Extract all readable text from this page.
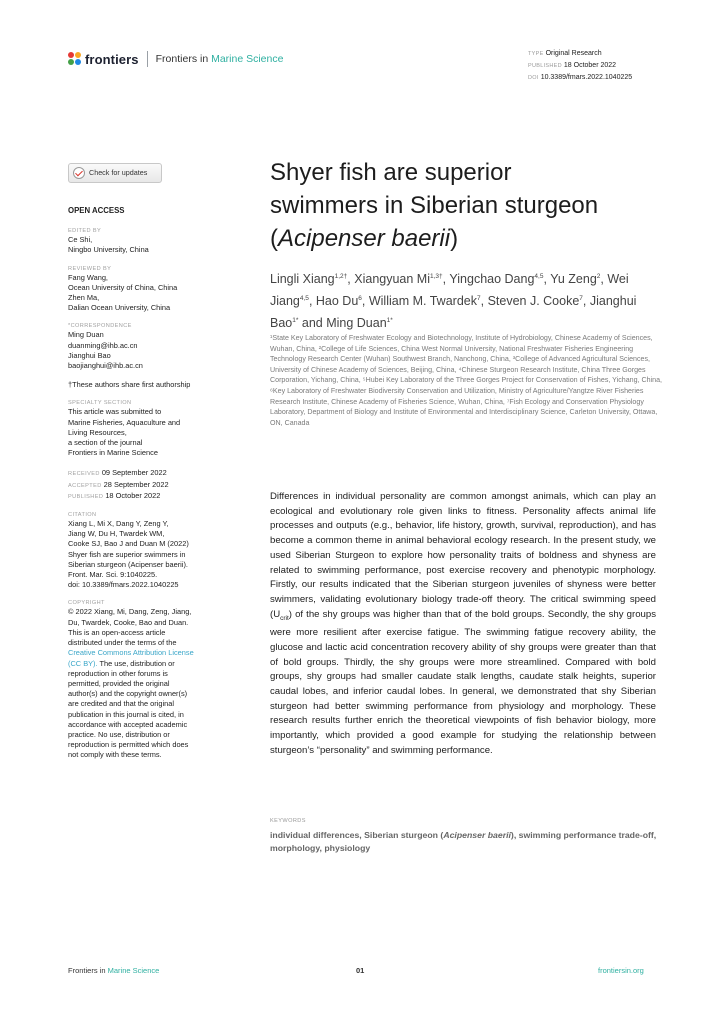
frontiers Frontiers in Marine Science	TYPE Original Research
PUBLISHED 18 October 2022
DOI 10.3389/fmars.2022.1040225
Check for updates
OPEN ACCESS
EDITED BY
Ce Shi,
Ningbo University, China
REVIEWED BY
Fang Wang,
Ocean University of China, China
Zhen Ma,
Dalian Ocean University, China
*CORRESPONDENCE
Ming Duan
duanming@ihb.ac.cn
Jianghui Bao
baojianghui@ihb.ac.cn
†These authors share first authorship
SPECIALTY SECTION
This article was submitted to
Marine Fisheries, Aquaculture and
Living Resources,
a section of the journal
Frontiers in Marine Science
RECEIVED 09 September 2022
ACCEPTED 28 September 2022
PUBLISHED 18 October 2022
CITATION
Xiang L, Mi X, Dang Y, Zeng Y,
Jiang W, Du H, Twardek WM,
Cooke SJ, Bao J and Duan M (2022)
Shyer fish are superior swimmers in
Siberian sturgeon (Acipenser baerii).
Front. Mar. Sci. 9:1040225.
doi: 10.3389/fmars.2022.1040225
COPYRIGHT
© 2022 Xiang, Mi, Dang, Zeng, Jiang,
Du, Twardek, Cooke, Bao and Duan.
This is an open-access article
distributed under the terms of the
Creative Commons Attribution License
(CC BY). The use, distribution or
reproduction in other forums is
permitted, provided the original
author(s) and the copyright owner(s)
are credited and that the original
publication in this journal is cited, in
accordance with accepted academic
practice. No use, distribution or
reproduction is permitted which does
not comply with these terms.
Shyer fish are superior
swimmers in Siberian sturgeon
(Acipenser baerii)
Lingli Xiang$^{1,2\dagger}$, Xiangyuan $Mi^{1,3\dagger}$, Yingchao Dang$^{4,5}$, Yu Zeng$^2$, Wei Jiang$^{4,5}$, Hao Du$^6$, William M. Twardek$^7$, Steven J. Cooke$^7$, Jianghui Bao$^{1*}$ and Ming Duan$^{1*}$
¹State Key Laboratory of Freshwater Ecology and Biotechnology, Institute of Hydrobiology, Chinese Academy of Sciences, Wuhan, China, ²College of Life Sciences, China West Normal University, National Freshwater Fisheries Engineering Technology Research Center (Wuhan) Southwest Branch, Nanchong, China, ³College of Advanced Agricultural Sciences, University of Chinese Academy of Sciences, Beijing, China, ⁴Chinese Sturgeon Research Institute, China Three Gorges Corporation, Yichang, China, ⁵Hubei Key Laboratory of the Three Gorges Project for Conservation of Fishes, Yichang, China, ⁶Key Laboratory of Freshwater Biodiversity Conservation and Utilization, Ministry of Agriculture/Yangtze River Fisheries Research Institute, Chinese Academy of Fisheries Science, Wuhan, China, ⁷Fish Ecology and Conservation Physiology Laboratory, Department of Biology and Institute of Environmental and Interdisciplinary Science, Carleton University, Ottawa, ON, Canada
Differences in individual personality are common amongst animals, which can play an ecological and evolutionary role given links to fitness. Personality affects animal life processes and outputs (e.g., behavior, life history, growth, survival, reproduction), and has become a common theme in animal behavioral ecology research. In the present study, we used Siberian Sturgeon to explore how personality traits of boldness and shyness are related to swimming performance, post exercise recovery and phenotypic morphology. Firstly, our results indicated that the Siberian sturgeon juveniles of shyness were better swimmers, validating evolutionary biology trade-off theory. The critical swimming speed $(U_{crit})$ of the shy groups was higher than that of the bold groups. Secondly, the shy groups were more resilient after exercise fatigue. The swimming fatigue recovery ability, the glucose and lactic acid concentration recovery ability of shy groups were greater than that of bold groups. Thirdly, the shy groups were more streamlined. Compared with bold groups, shy groups had smaller caudate stalk lengths, caudate stalk heights, superior caudal lobes, and inferior caudal lobes. In general, we demonstrated that shy Siberian sturgeon had better swimming performance from physiology and morphology. These research results further enrich the theoretical viewpoints of fish behavior biology, more importantly, which provided a good example for studying the relationship between sturgeon’s “personality” and swimming performance.
KEYWORDS
individual differences, Siberian sturgeon (Acipenser baerii), swimming performance trade-off, morphology, physiology
Frontiers in Marine Science	01	frontiersin.org
